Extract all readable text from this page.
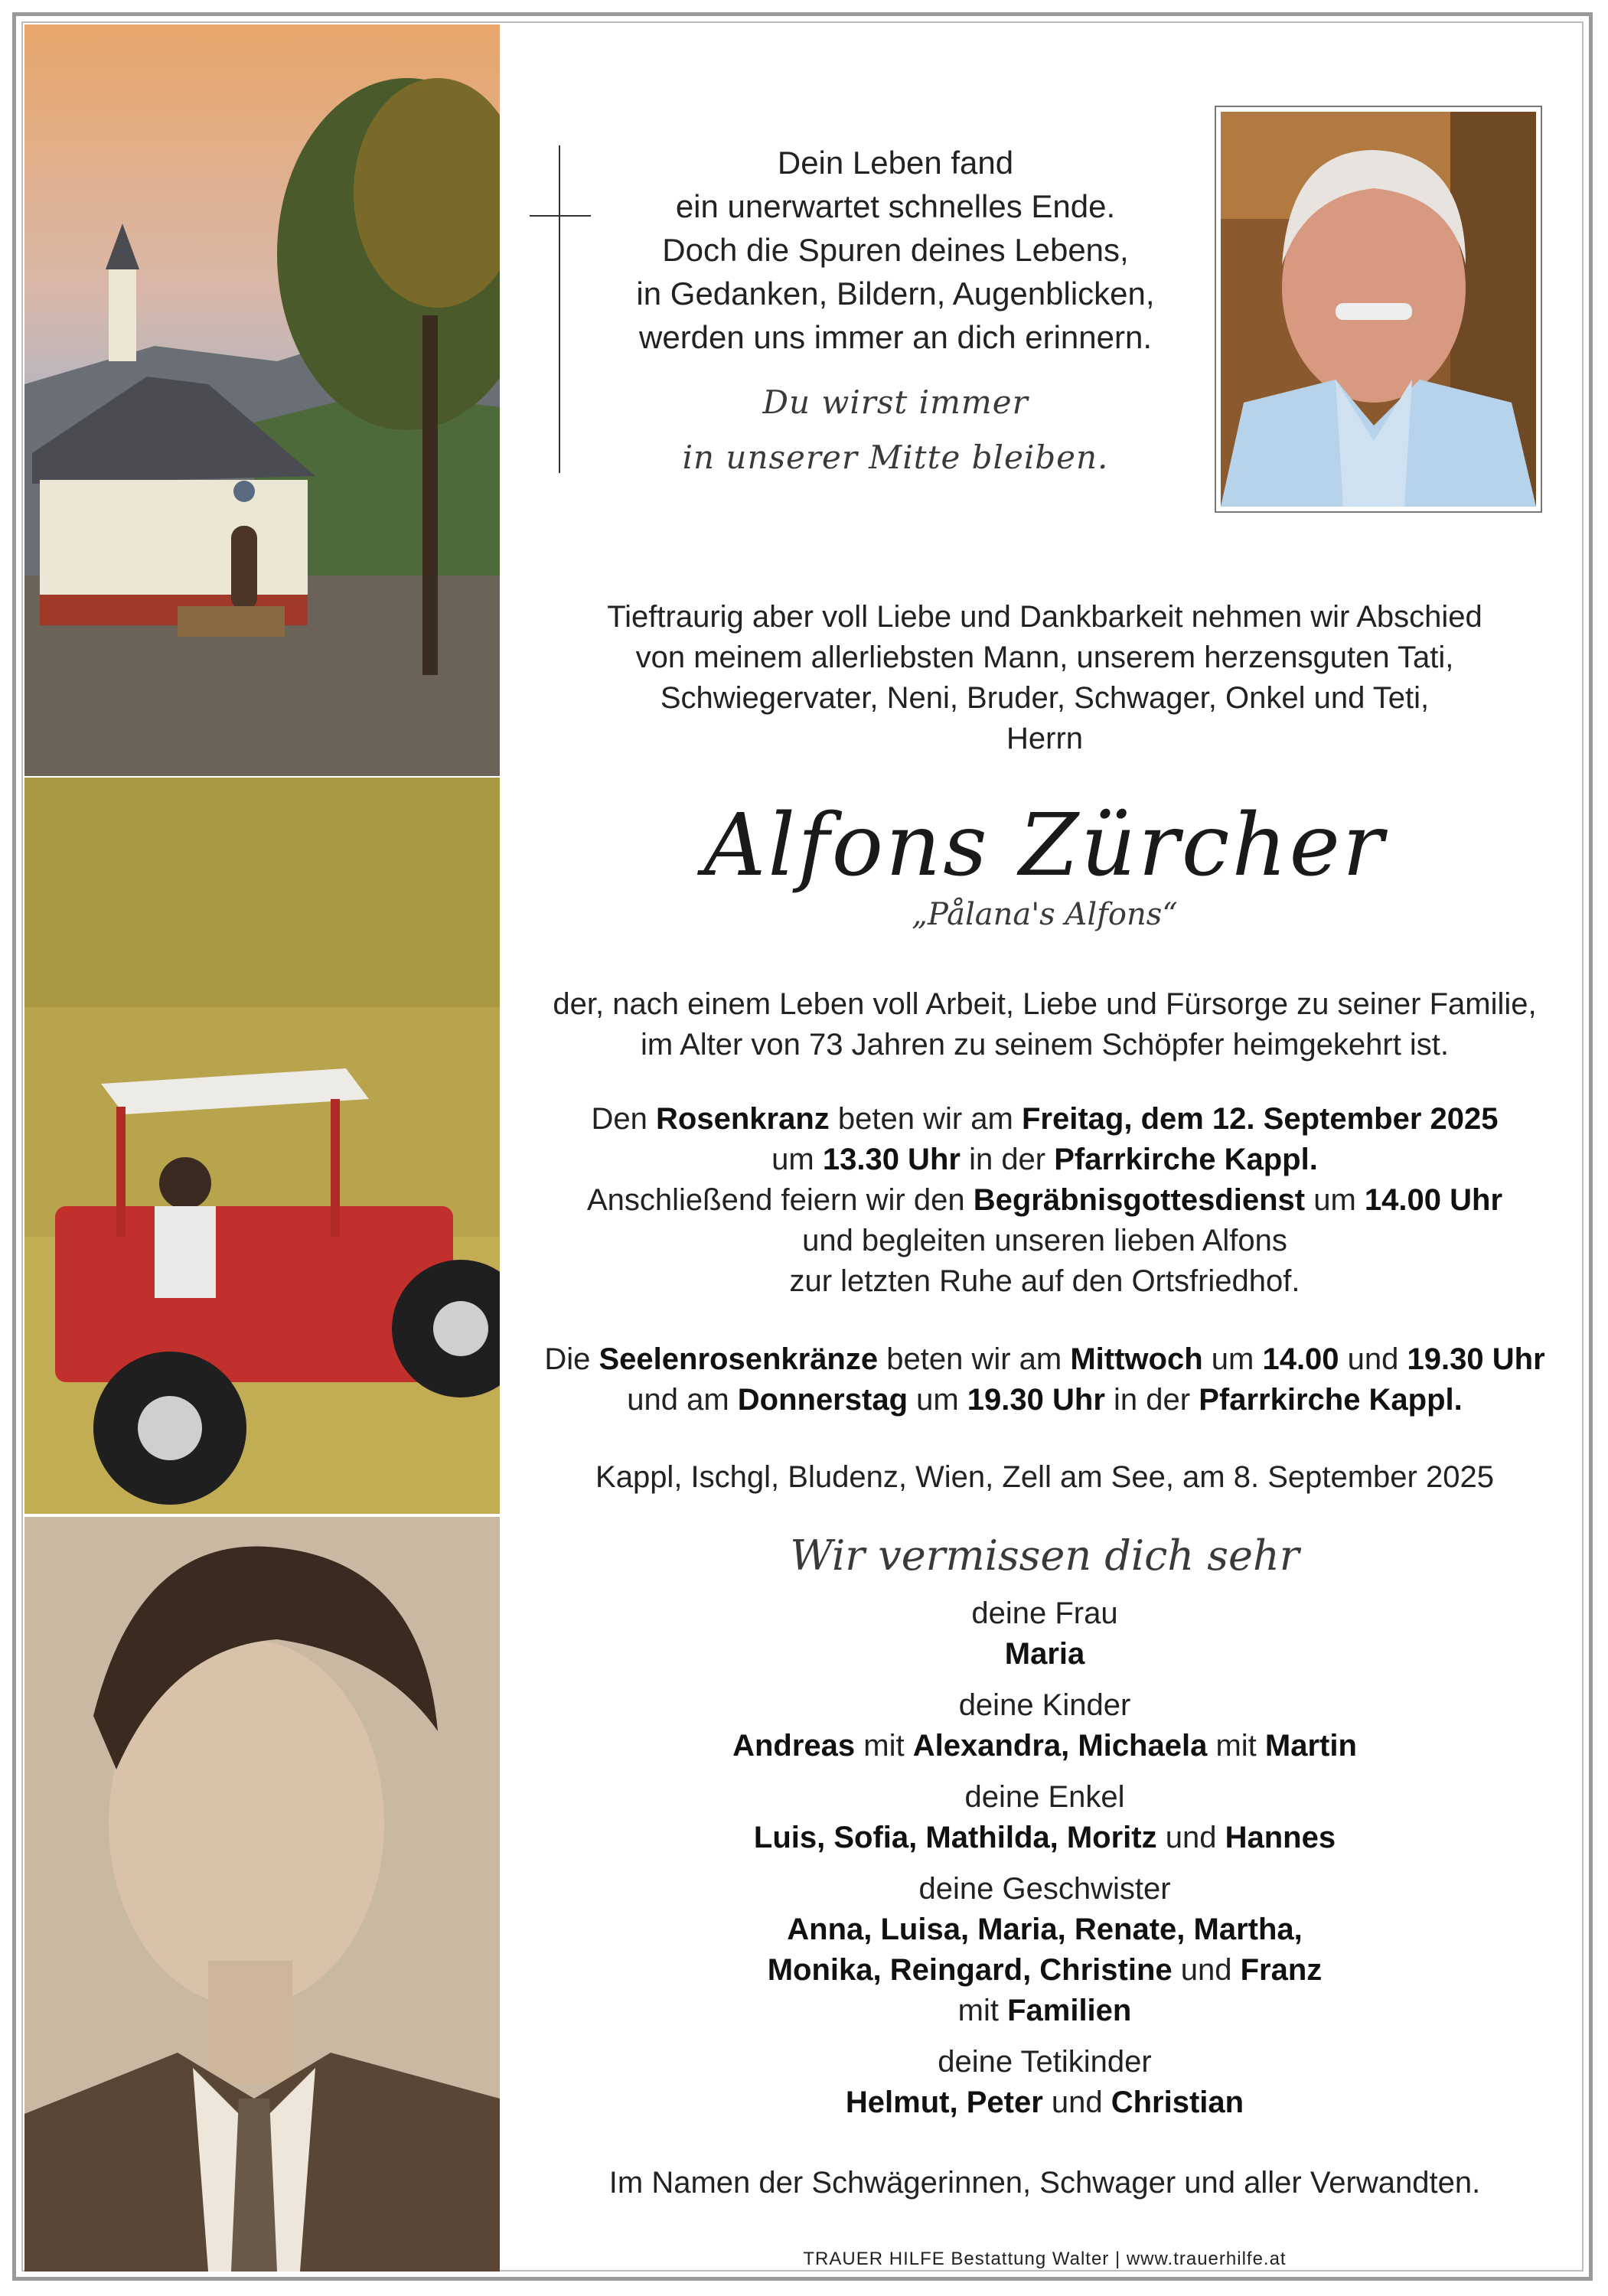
Dein Leben fand
ein unerwartet schnelles Ende.
Doch die Spuren deines Lebens,
in Gedanken, Bildern, Augenblicken,
werden uns immer an dich erinnern.
Du wirst immer
in unserer Mitte bleiben.
Tieftraurig aber voll Liebe und Dankbarkeit nehmen wir Abschied
von meinem allerliebsten Mann, unserem herzensguten Tati,
Schwiegervater, Neni, Bruder, Schwager, Onkel und Teti,
Herrn
Alfons Zürcher
„Pålana's Alfons“
der, nach einem Leben voll Arbeit, Liebe und Fürsorge zu seiner Familie,
im Alter von 73 Jahren zu seinem Schöpfer heimgekehrt ist.
Den Rosenkranz beten wir am Freitag, dem 12. September 2025
um 13.30 Uhr in der Pfarrkirche Kappl.
Anschließend feiern wir den Begräbnisgottesdienst um 14.00 Uhr
und begleiten unseren lieben Alfons
zur letzten Ruhe auf den Ortsfriedhof.
Die Seelenrosenkränze beten wir am Mittwoch um 14.00 und 19.30 Uhr
und am Donnerstag um 19.30 Uhr in der Pfarrkirche Kappl.
Kappl, Ischgl, Bludenz, Wien, Zell am See, am 8. September 2025
Wir vermissen dich sehr
deine Frau
Maria
deine Kinder
Andreas mit Alexandra, Michaela mit Martin
deine Enkel
Luis, Sofia, Mathilda, Moritz und Hannes
deine Geschwister
Anna, Luisa, Maria, Renate, Martha,
Monika, Reingard, Christine und Franz
mit Familien
deine Tetikinder
Helmut, Peter und Christian
Im Namen der Schwägerinnen, Schwager und aller Verwandten.
TRAUER HILFE Bestattung Walter | www.trauerhilfe.at
